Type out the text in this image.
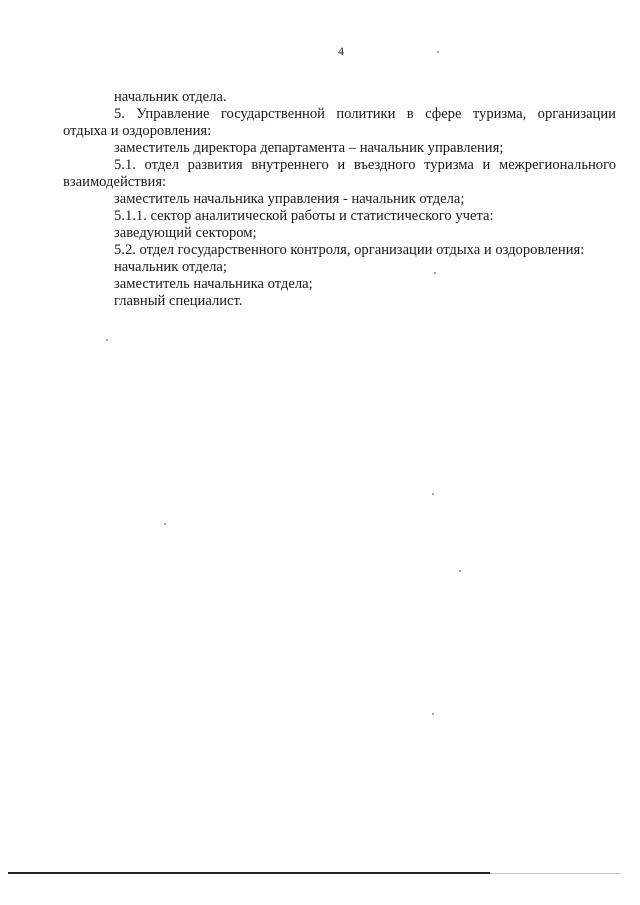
4
начальник отдела.
5. Управление государственной политики в сфере туризма, организации
отдыха и оздоровления:
заместитель директора департамента – начальник управления;
5.1. отдел развития внутреннего и въездного туризма и межрегионального
взаимодействия:
заместитель начальника управления - начальник отдела;
5.1.1. сектор аналитической работы и статистического учета:
заведующий сектором;
5.2. отдел государственного контроля, организации отдыха и оздоровления:
начальник отдела;
заместитель начальника отдела;
главный специалист.
